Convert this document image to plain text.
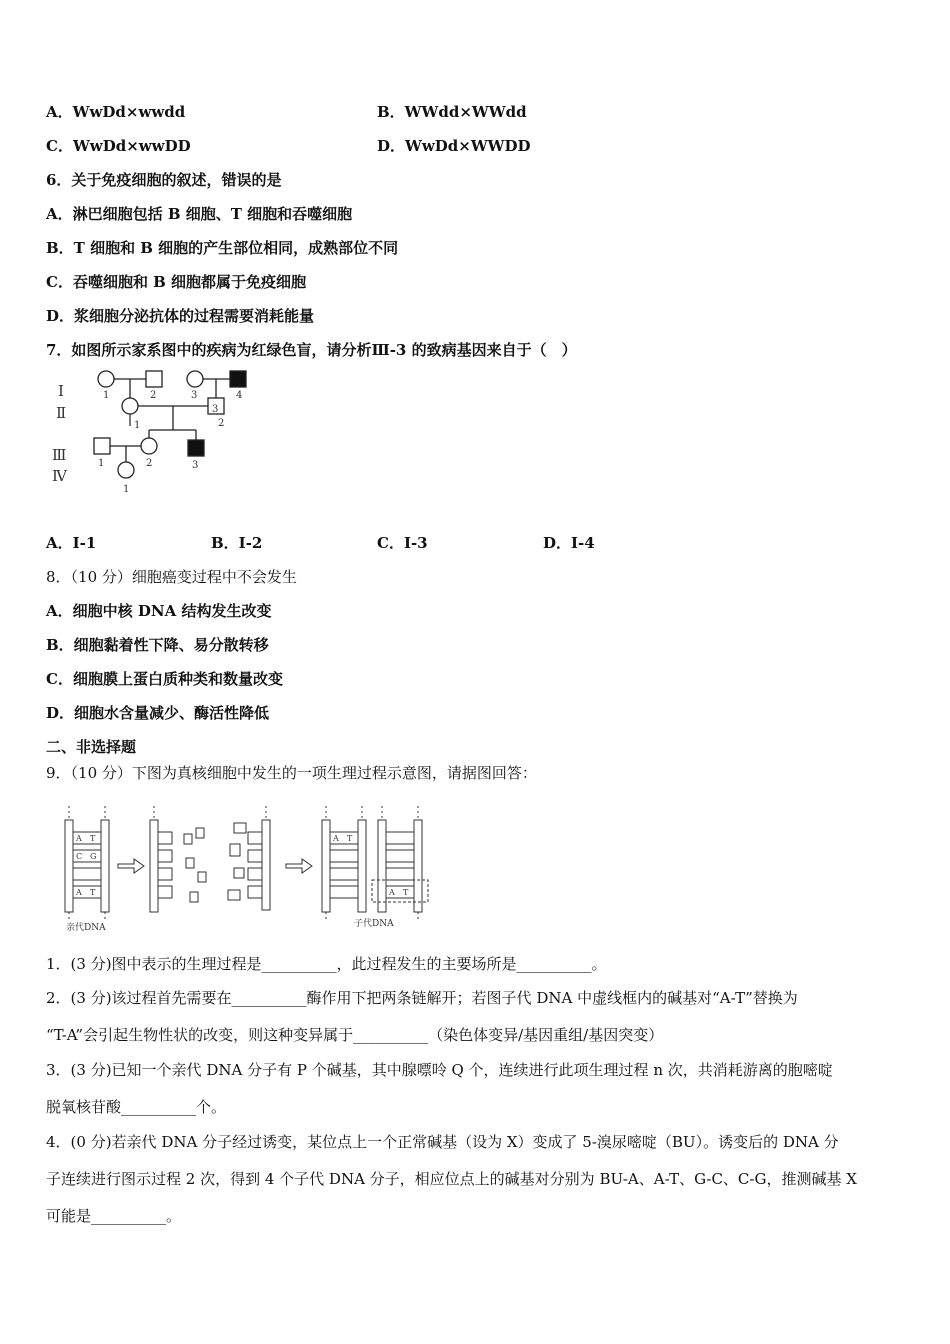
A．WwDd×wwdd	B．WWdd×WWdd
C．WwDd×wwDD	D．WwDd×WWDD
6．关于免疫细胞的叙述，错误的是
A．淋巴细胞包括 B 细胞、T 细胞和吞噬细胞
B．T 细胞和 B 细胞的产生部位相同，成熟部位不同
C．吞噬细胞和 B 细胞都属于免疫细胞
D．浆细胞分泌抗体的过程需要消耗能量
7．如图所示家系图中的疾病为红绿色盲，请分析Ⅲ-3 的致病基因来自于（　）
Ⅰ
Ⅱ
Ⅲ
Ⅳ
1	2	3	4
1	2
3
1	2	3
1
A．Ⅰ-1	B．Ⅰ-2	C．Ⅰ-3	D．Ⅰ-4
8．（10 分）细胞癌变过程中不会发生
A．细胞中核 DNA 结构发生改变
B．细胞黏着性下降、易分散转移
C．细胞膜上蛋白质种类和数量改变
D．细胞水含量减少、酶活性降低
二、非选择题
9．（10 分）下图为真核细胞中发生的一项生理过程示意图，请据图回答：
A T
C G
A T
A T
A T
亲代DNA	子代DNA
1．(3 分)图中表示的生理过程是__________，此过程发生的主要场所是__________。
2．(3 分)该过程首先需要在__________酶作用下把两条链解开；若图子代 DNA 中虚线框内的碱基对“A-T”替换为
“T-A”会引起生物性状的改变，则这种变异属于__________（染色体变异/基因重组/基因突变）
3．(3 分)已知一个亲代 DNA 分子有 P 个碱基，其中腺嘌呤 Q 个，连续进行此项生理过程 n 次，共消耗游离的胞嘧啶
脱氧核苷酸__________个。
4．(0 分)若亲代 DNA 分子经过诱变，某位点上一个正常碱基（设为 X）变成了 5-溴尿嘧啶（BU）。诱变后的 DNA 分
子连续进行图示过程 2 次，得到 4 个子代 DNA 分子，相应位点上的碱基对分别为 BU-A、A-T、G-C、C-G，推测碱基 X
可能是__________。
